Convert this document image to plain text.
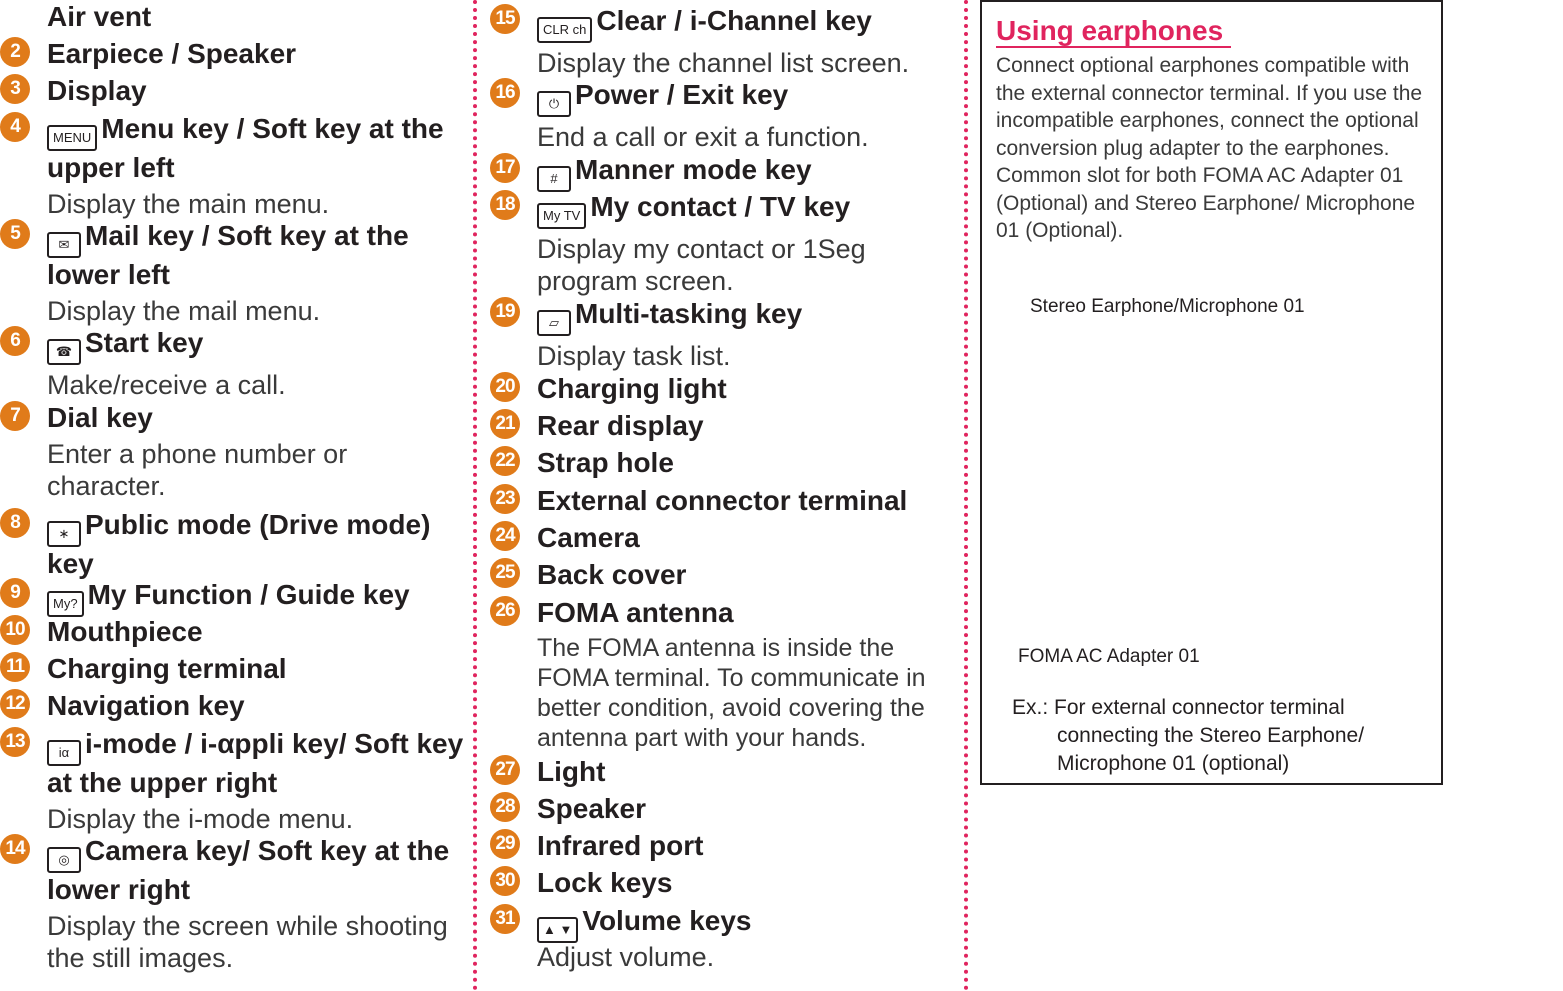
Air vent
2 Earpiece / Speaker
3 Display
4
MENU Menu key / Soft key at the upper left
Display the main menu.
5
✉ Mail key / Soft key at the lower left
Display the mail menu.
6
☎ Start key
Make/receive a call.
7 Dial key
Enter a phone number or character.
8
∗ Public mode (Drive mode) key
9
My? My Function / Guide key
10 Mouthpiece
11 Charging terminal
12 Navigation key
13
iα i-mode / i-αppli key/ Soft key at the upper right
Display the i-mode menu.
14
◎ Camera key/ Soft key at the lower right
Display the screen while shooting the still images.
15
CLR ch Clear / i-Channel key
Display the channel list screen.
16
⏻ Power / Exit key
End a call or exit a function.
17
# Manner mode key
18
My TV My contact / TV key
Display my contact or 1Seg program screen.
19
▱ Multi-tasking key
Display task list.
20 Charging light
21 Rear display
22 Strap hole
23 External connector terminal
24 Camera
25 Back cover
26 FOMA antenna
The FOMA antenna is inside the FOMA terminal. To communicate in better condition, avoid covering the antenna part with your hands.
27 Light
28 Speaker
29 Infrared port
30 Lock keys
31
▲ ▼ Volume keys
Adjust volume.
Using earphones
Connect optional earphones compatible with the external connector terminal. If you use the incompatible earphones, connect the optional conversion plug adapter to the earphones. Common slot for both FOMA AC Adapter 01 (Optional) and Stereo Earphone/ Microphone 01 (Optional).
Stereo Earphone/Microphone 01
FOMA AC Adapter 01
Ex.: For external connector terminal
connecting the Stereo Earphone/
Microphone 01 (optional)
